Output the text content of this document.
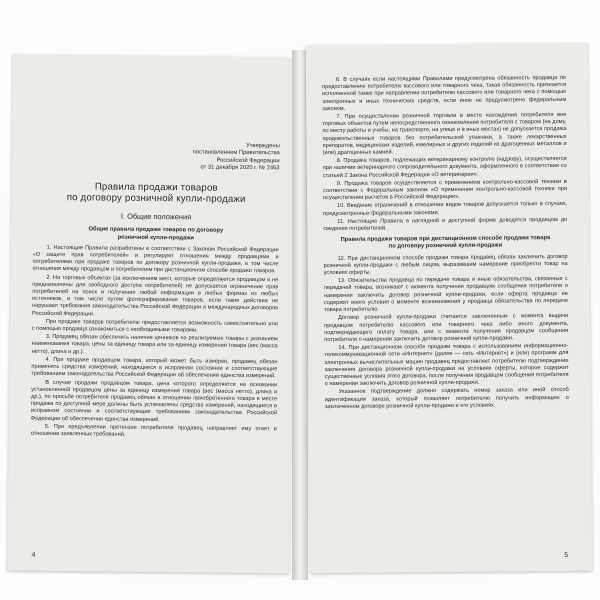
Утверждены
постановлением Правительства
Российской Федерации
от 31 декабря 2020 г. № 2463
Правила продажи товаров
по договору розничной купли-продажи
I. Общие положения
Общие правила продажи товаров по договору
розничной купли-продажи

1. Настоящие Правила разработаны в соответствии с Законом Российской Федерации «О защите прав потребителей» и регулируют отношения между продавцами и потребителями при продаже товаров по договору розничной купли-продажи, в том числе отношения между продавцом и потребителем при дистанционном способе продажи товаров.

2. На торговых объектах (за исключением мест, которые определяются продавцом и не предназначены для свободного доступа потребителей) не допускается ограничение прав потребителей на поиск и получение любой информации в любых формах из любых источников, в том числе путем фотографирования товаров, если такие действия не нарушают требования законодательства Российской Федерации и международных договоров Российской Федерации.

При продаже товаров потребителю предоставляется возможность самостоятельно или с помощью продавца ознакомиться с необходимыми товарами.

3. Продавец обязан обеспечить наличие ценников на реализуемые товары с указанием наименования товара, цены за единицу товара или за единицу измерения товара (вес (масса нетто), длина и др.).

4. При продаже продавцом товара, который может быть измерен, продавец обязан применять средства измерений, находящиеся в исправном состоянии и соответствующие требованиям законодательства Российской Федерации об обеспечении единства измерений.

В случае продажи продавцом товара, цена которого определяется на основании установленной продавцом цены за единицу измерения товара (вес (масса нетто), длина и др.), по просьбе потребителя продавец обязан в отношении приобретенного товара в месте продажи по доступной мере должны быть установлены средства измерений, находящиеся в исправном состоянии и соответствующие требованиям законодательства Российской Федерации об обеспечении единства измерений.

5. При предъявлении претензии потребителя продавец направляет ему ответ в отношении заявленных требований.

4

6. В случаях если настоящими Правилами предусмотрена обязанность продавца по предоставлению потребителю кассового или товарного чека, такая обязанность признается исполненной также при направлении потребителю кассового или товарного чека с помощью электронных и иных технических средств, если иное не предусмотрено федеральным законом.

7. При осуществлении розничной торговли в месте нахождения потребителя вне торговых объектов путем непосредственного ознакомления потребителя с товаром (на дому, по месту работы и учебы, на транспорте, на улице и в иных местах) не допускается продажа продовольственных товаров без потребительской упаковки, а также лекарственных препаратов, медицинских изделий, ювелирных и других изделий из драгоценных металлов и (или) драгоценных камней.

8. Продажа товаров, подлежащих ветеринарному контролю (надзору), осуществляется при наличии ветеринарного сопроводительного документа, оформленного в соответствии со статьей 2 Закона Российской Федерации «О ветеринарии».

9. Продажа товаров осуществляется с применением контрольно-кассовой техники в соответствии с Федеральным законом «О применении контрольно-кассовой техники при осуществлении расчетов в Российской Федерации».

10. Введение ограничений в отношении видов товаров допускается только в случаях, предусмотренных федеральными законами.

11. Настоящие Правила в наглядной и доступной форме доводятся продавцом до сведения потребителей.

Правила продажи товаров при дистанционном способе продажи товара
по договору розничной купли-продажи

12. При дистанционном способе продажи товара продавец обязан заключить договор розничной купли-продажи с любым лицом, выразившим намерение приобрести товар на условиях оферты.

13. Обязательства продавца по передаче товара и иные обязательства, связанные с передачей товара, возникают с момента получения продавцом сообщения потребителя о намерении заключить договор розничной купли-продажи, если оферта продавца не содержит иного условия о моменте возникновения у продавца обязательства по передаче товара потребителю.

Договор розничной купли-продажи считается заключенным с момента выдачи продавцом потребителю кассового или товарного чека либо иного документа, подтверждающего оплату товара, или с момента получения продавцом сообщения потребителя о намерении заключить договор розничной купли-продажи.

14. При дистанционном способе продажи товара с использованием информационно-телекоммуникационной сети «Интернет» (далее — сеть «Интернет») и (или) программ для электронных вычислительных машин продавец предоставляет потребителю подтверждение заключения договора розничной купли-продажи на условиях оферты, которое содержит существенные условия этого договора, после получения продавцом сообщения потребителя о намерении заключить договор розничной купли-продажи.

Указанное подтверждение должно содержать номер заказа или иной способ идентификации заказа, который позволяет потребителю получить информацию о заключенном договоре розничной купли-продажи и его условиях.

5
